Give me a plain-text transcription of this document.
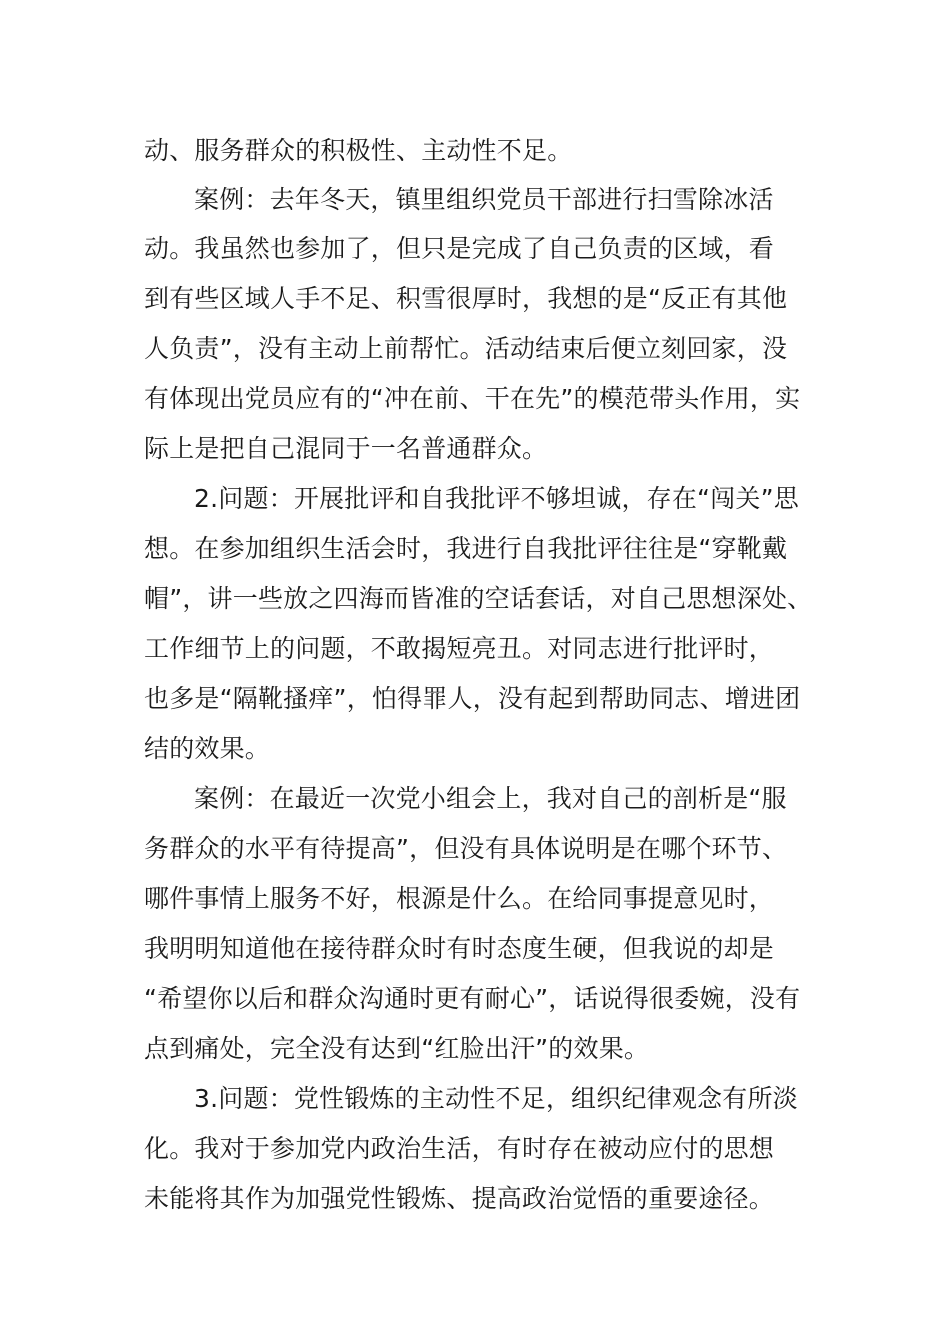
动、服务群众的积极性、主动性不足。
案例：去年冬天，镇里组织党员干部进行扫雪除冰活
动。我虽然也参加了，但只是完成了自己负责的区域，看
到有些区域人手不足、积雪很厚时，我想的是“反正有其他
人负责”，没有主动上前帮忙。活动结束后便立刻回家，没
有体现出党员应有的“冲在前、干在先”的模范带头作用，实
际上是把自己混同于一名普通群众。
2.问题：开展批评和自我批评不够坦诚，存在“闯关”思
想。在参加组织生活会时，我进行自我批评往往是“穿靴戴
帽”，讲一些放之四海而皆准的空话套话，对自己思想深处、
工作细节上的问题，不敢揭短亮丑。对同志进行批评时，
也多是“隔靴搔痒”，怕得罪人，没有起到帮助同志、增进团
结的效果。
案例：在最近一次党小组会上，我对自己的剖析是“服
务群众的水平有待提高”，但没有具体说明是在哪个环节、
哪件事情上服务不好，根源是什么。在给同事提意见时，
我明明知道他在接待群众时有时态度生硬，但我说的却是
“希望你以后和群众沟通时更有耐心”，话说得很委婉，没有
点到痛处，完全没有达到“红脸出汗”的效果。
3.问题：党性锻炼的主动性不足，组织纪律观念有所淡
化。我对于参加党内政治生活，有时存在被动应付的思想
未能将其作为加强党性锻炼、提高政治觉悟的重要途径。
